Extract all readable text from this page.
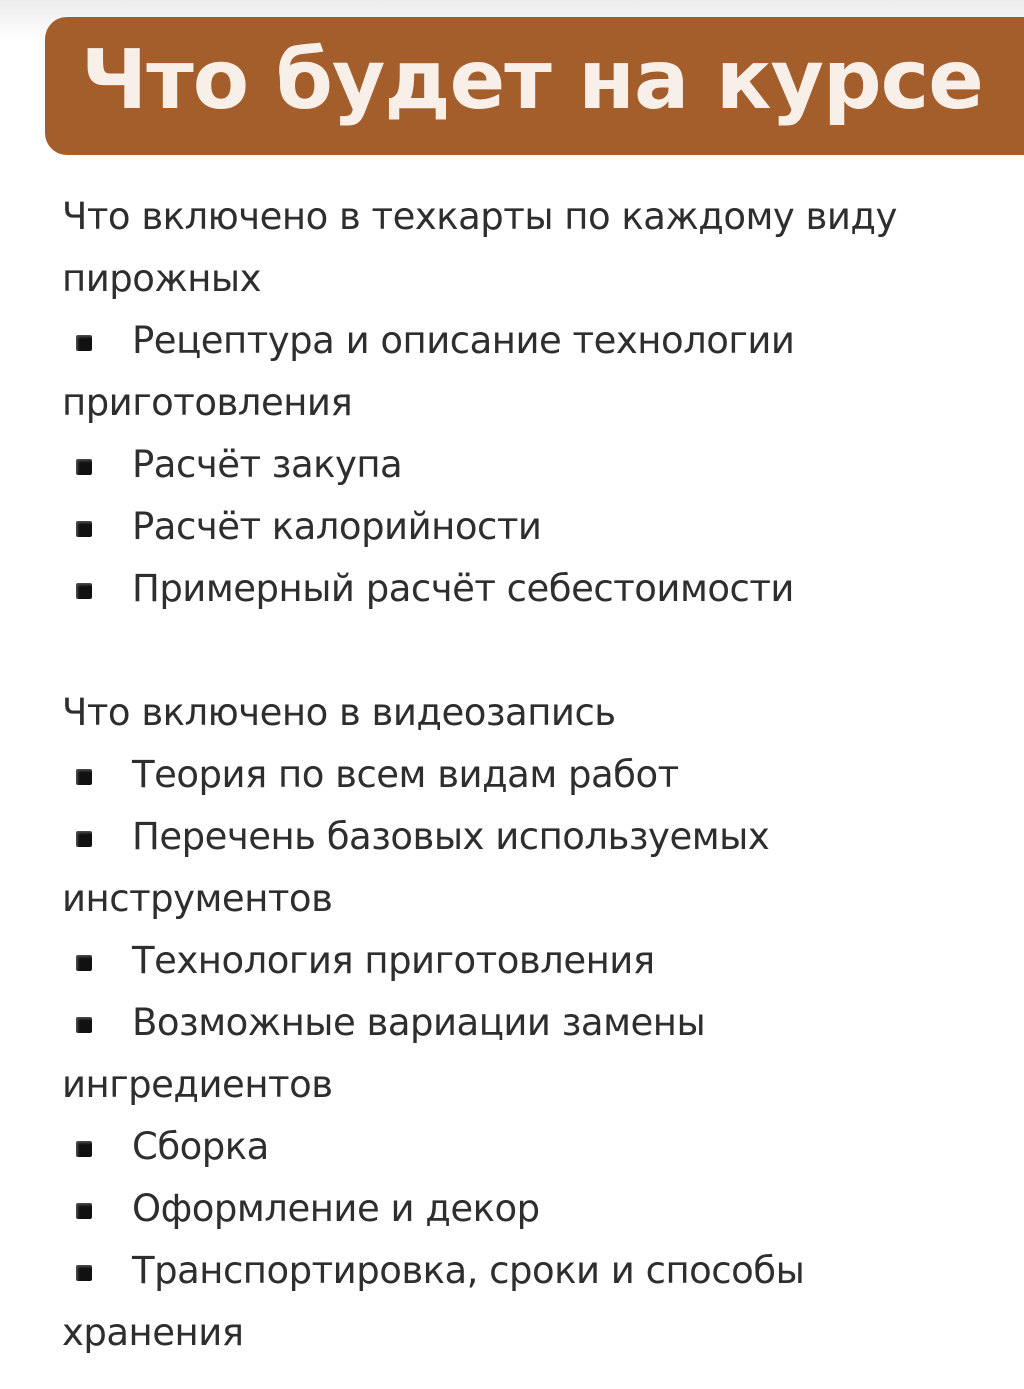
Что будет на курсе
Что включено в техкарты по каждому виду
пирожных
Рецептура и описание технологии
приготовления
Расчёт закупа
Расчёт калорийности
Примерный расчёт себестоимости
Что включено в видеозапись
Теория по всем видам работ
Перечень базовых используемых
инструментов
Технология приготовления
Возможные вариации замены
ингредиентов
Сборка
Оформление и декор
Транспортировка, сроки и способы
хранения
